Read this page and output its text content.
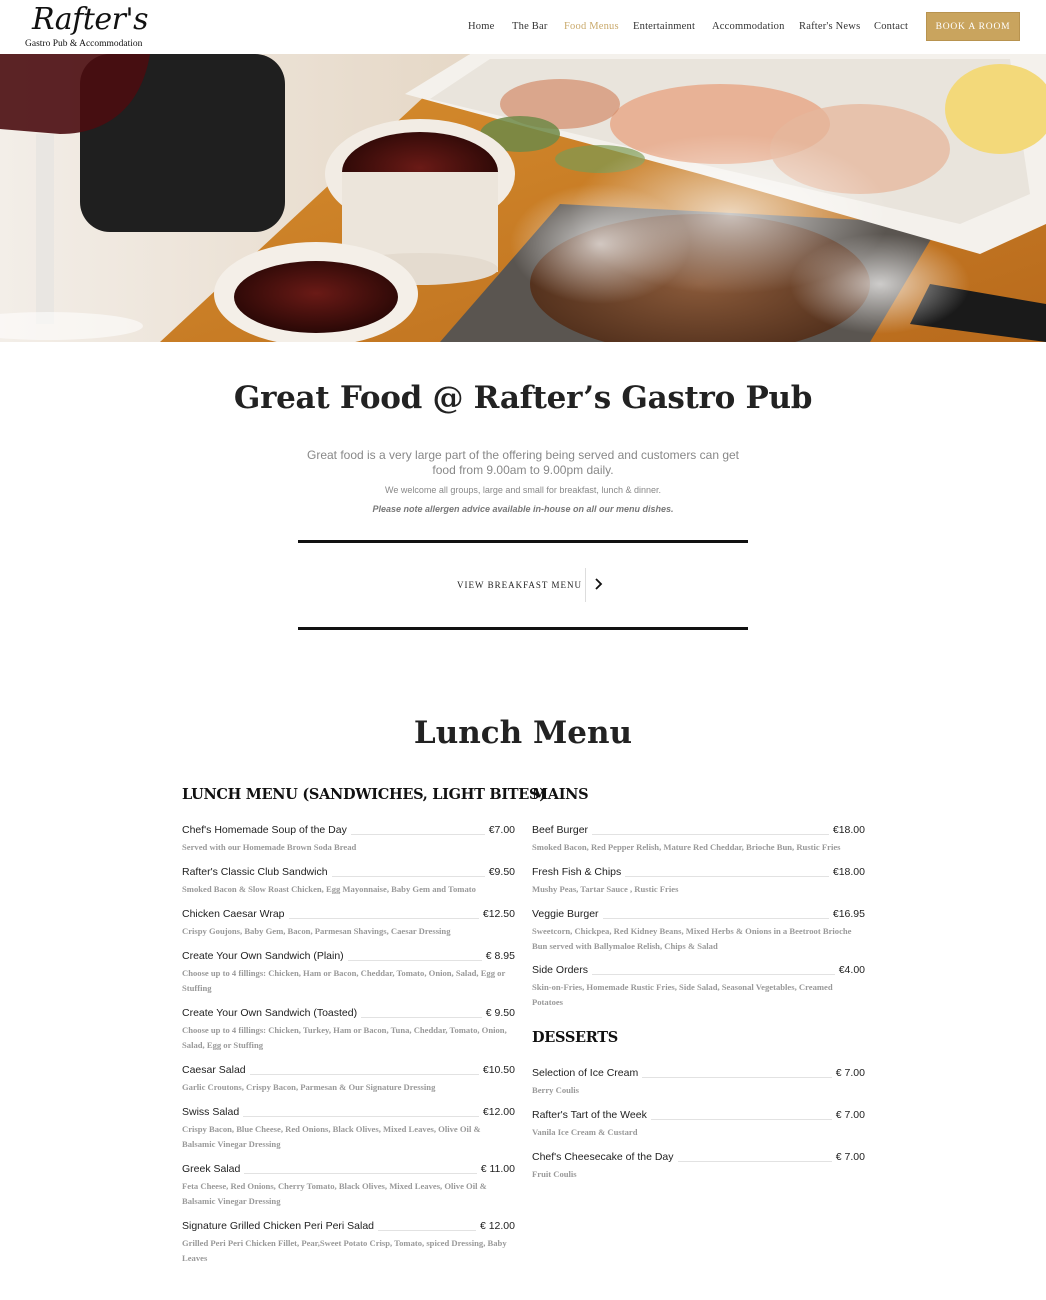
Rafter's
Gastro Pub & Accommodation
Home The Bar Food Menus Entertainment Accommodation Rafter's News Contact	BOOK A ROOM
Great Food @ Rafter’s Gastro Pub

Great food is a very large part of the offering being served and customers can get food from 9.00am to 9.00pm daily.

We welcome all groups, large and small for breakfast, lunch & dinner.

Please note allergen advice available in-house on all our menu dishes.

VIEW BREAKFAST MENU
Lunch Menu
LUNCH MENU (SANDWICHES, LIGHT BITES)
Chef's Homemade Soup of the Day	€7.00
Served with our Homemade Brown Soda Bread
Rafter's Classic Club Sandwich	€9.50
Smoked Bacon & Slow Roast Chicken, Egg Mayonnaise, Baby Gem and Tomato
Chicken Caesar Wrap	€12.50
Crispy Goujons, Baby Gem, Bacon, Parmesan Shavings, Caesar Dressing
Create Your Own Sandwich (Plain)	€ 8.95
Choose up to 4 fillings: Chicken, Ham or Bacon, Cheddar, Tomato, Onion, Salad, Egg or Stuffing
Create Your Own Sandwich (Toasted)	€ 9.50
Choose up to 4 fillings: Chicken, Turkey, Ham or Bacon, Tuna, Cheddar, Tomato, Onion, Salad, Egg or Stuffing
Caesar Salad	€10.50
Garlic Croutons, Crispy Bacon, Parmesan & Our Signature Dressing
Swiss Salad	€12.00
Crispy Bacon, Blue Cheese, Red Onions, Black Olives, Mixed Leaves, Olive Oil & Balsamic Vinegar Dressing
Greek Salad	€ 11.00
Feta Cheese, Red Onions, Cherry Tomato, Black Olives, Mixed Leaves, Olive Oil & Balsamic Vinegar Dressing
Signature Grilled Chicken Peri Peri Salad	€ 12.00
Grilled Peri Peri Chicken Fillet, Pear,Sweet Potato Crisp, Tomato, spiced Dressing, Baby Leaves
MAINS
Beef Burger	€18.00
Smoked Bacon, Red Pepper Relish, Mature Red Cheddar, Brioche Bun, Rustic Fries
Fresh Fish & Chips	€18.00
Mushy Peas, Tartar Sauce , Rustic Fries
Veggie Burger	€16.95
Sweetcorn, Chickpea, Red Kidney Beans, Mixed Herbs & Onions in a Beetroot Brioche Bun served with Ballymaloe Relish, Chips & Salad
Side Orders	€4.00
Skin-on-Fries, Homemade Rustic Fries, Side Salad, Seasonal Vegetables, Creamed Potatoes
DESSERTS
Selection of Ice Cream	€ 7.00
Berry Coulis
Rafter's Tart of the Week	€ 7.00
Vanila Ice Cream & Custard
Chef's Cheesecake of the Day	€ 7.00
Fruit Coulis
